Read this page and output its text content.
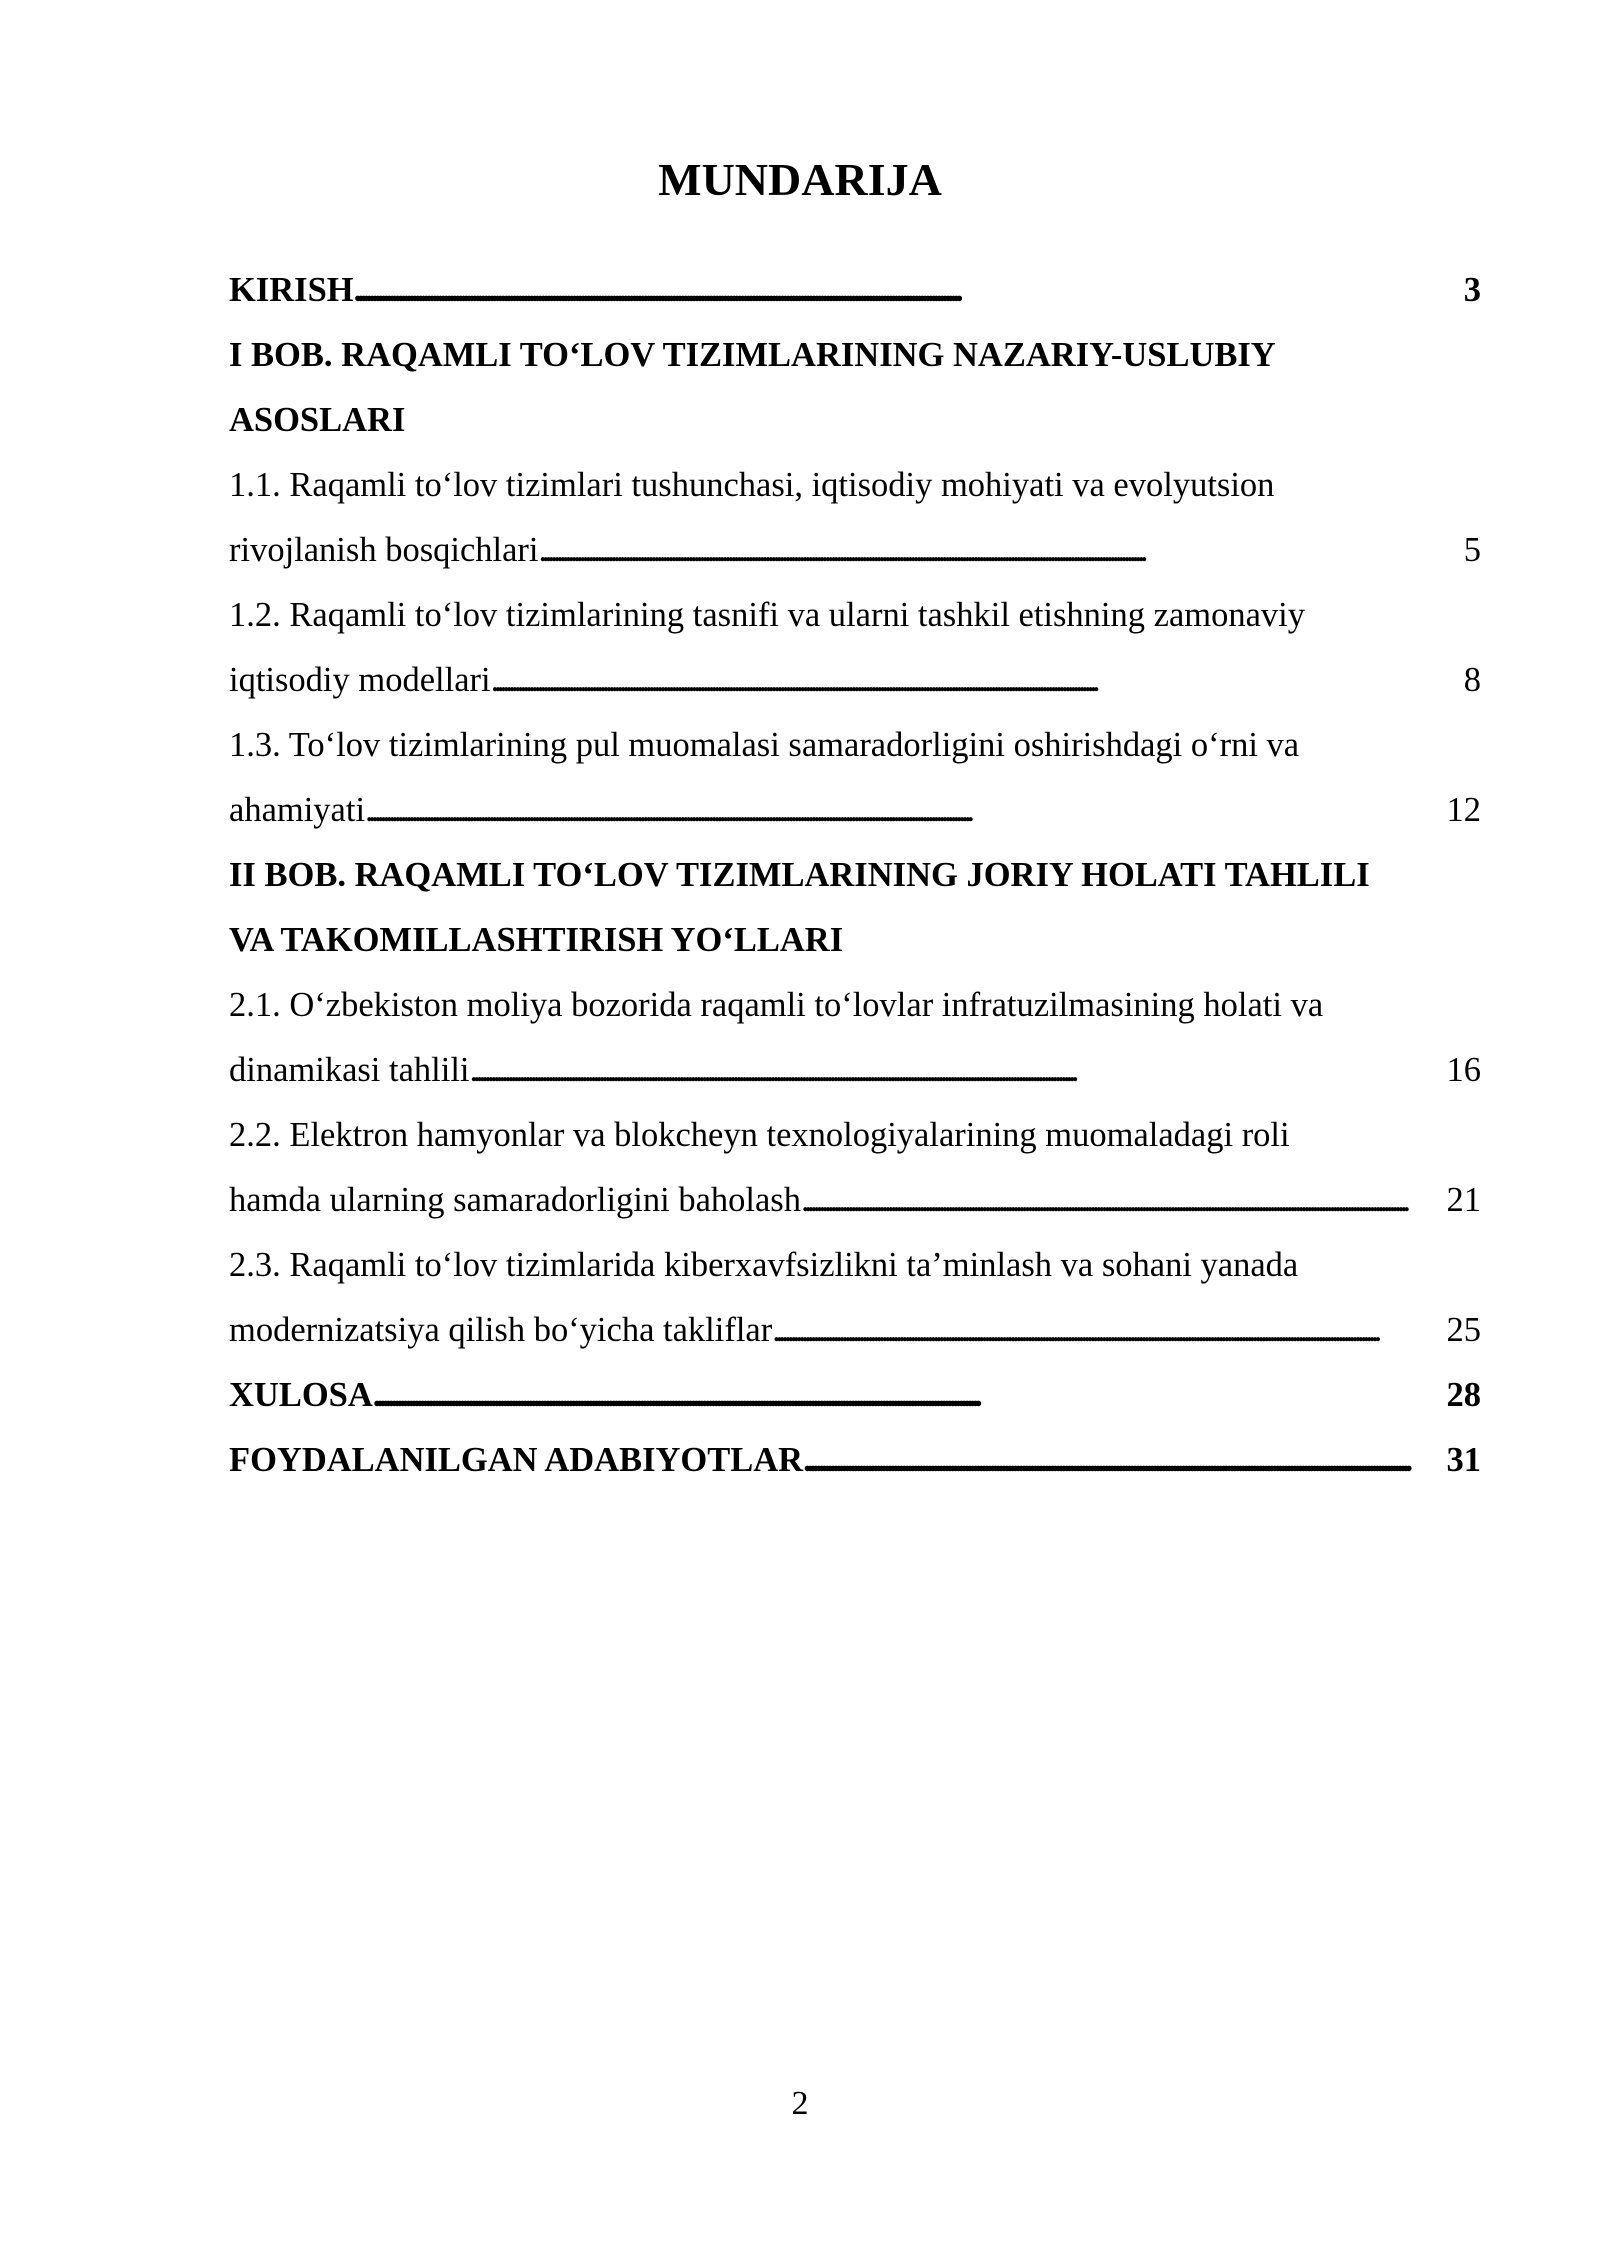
MUNDARIJA
KIRISH . . .	3
I BOB. RAQAMLI TO‘LOV TIZIMLARINING NAZARIY-USLUBIY
ASOSLARI
1.1. Raqamli to‘lov tizimlari tushunchasi, iqtisodiy mohiyati va evolyutsion
rivojlanish bosqichlari . . .	5
1.2. Raqamli to‘lov tizimlarining tasnifi va ularni tashkil etishning zamonaviy
iqtisodiy modellari . . .	8
1.3. To‘lov tizimlarining pul muomalasi samaradorligini oshirishdagi o‘rni va
ahamiyati . . .	12
II BOB. RAQAMLI TO‘LOV TIZIMLARINING JORIY HOLATI TAHLILI
VA TAKOMILLASHTIRISH YO‘LLARI
2.1. O‘zbekiston moliya bozorida raqamli to‘lovlar infratuzilmasining holati va
dinamikasi tahlili . . .	16
2.2. Elektron hamyonlar va blokcheyn texnologiyalarining muomaladagi roli
hamda ularning samaradorligini baholash . . .	21
2.3. Raqamli to‘lov tizimlarida kiberxavfsizlikni ta’minlash va sohani yanada
modernizatsiya qilish bo‘yicha takliflar . . .	25
XULOSA . . .	28
FOYDALANILGAN ADABIYOTLAR . . .	31
2
